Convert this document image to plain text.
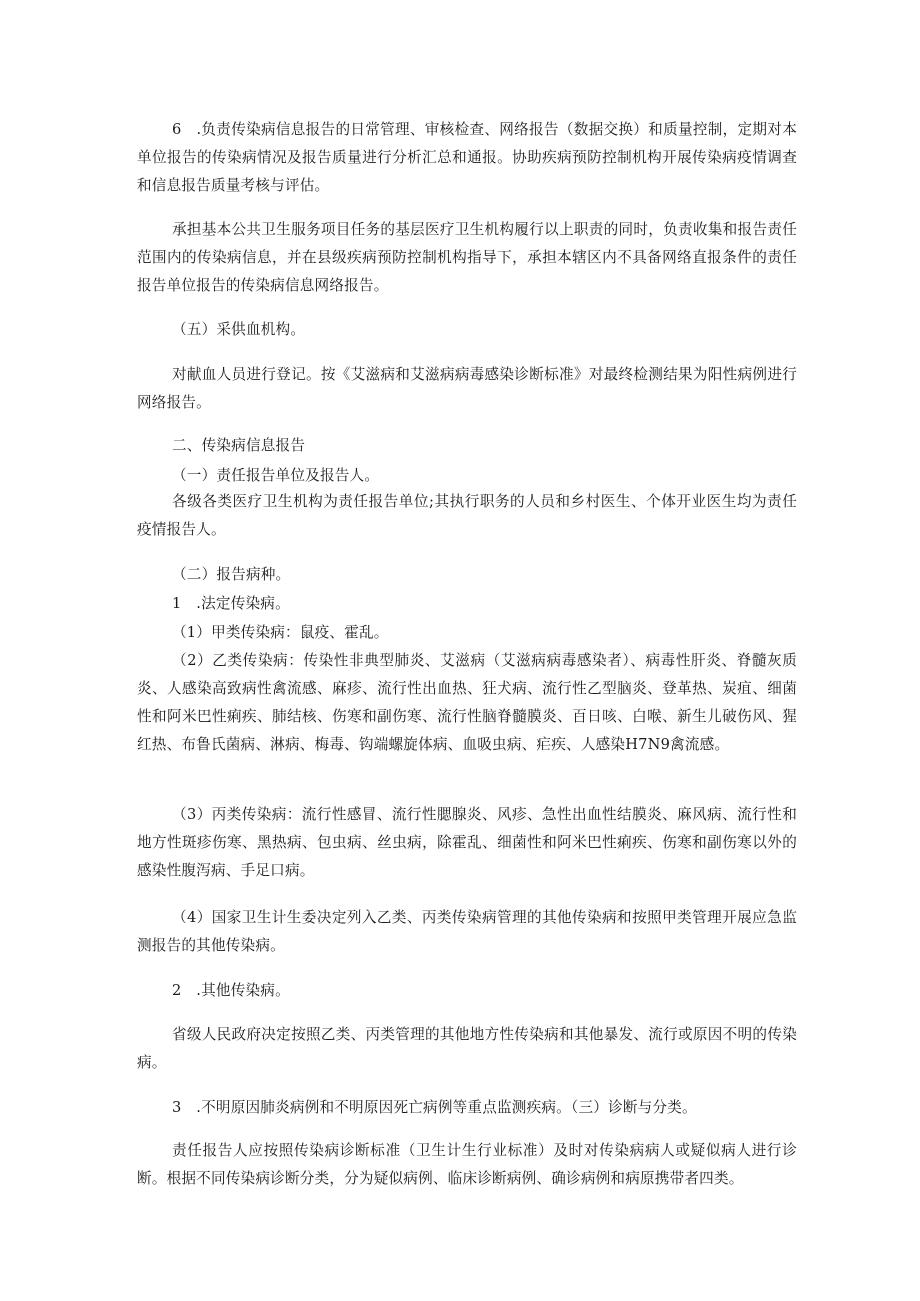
6　.负责传染病信息报告的日常管理、审核检查、网络报告（数据交换）和质量控制，定期对本单位报告的传染病情况及报告质量进行分析汇总和通报。协助疾病预防控制机构开展传染病疫情调查和信息报告质量考核与评估。

承担基本公共卫生服务项目任务的基层医疗卫生机构履行以上职责的同时，负责收集和报告责任范围内的传染病信息，并在县级疾病预防控制机构指导下，承担本辖区内不具备网络直报条件的责任报告单位报告的传染病信息网络报告。

（五）采供血机构。

对献血人员进行登记。按《艾滋病和艾滋病病毒感染诊断标准》对最终检测结果为阳性病例进行网络报告。

二、传染病信息报告

（一）责任报告单位及报告人。

各级各类医疗卫生机构为责任报告单位;其执行职务的人员和乡村医生、个体开业医生均为责任疫情报告人。

（二）报告病种。

1　.法定传染病。

（1）甲类传染病：鼠疫、霍乱。

（2）乙类传染病：传染性非典型肺炎、艾滋病（艾滋病病毒感染者）、病毒性肝炎、脊髓灰质炎、人感染高致病性禽流感、麻疹、流行性出血热、狂犬病、流行性乙型脑炎、登革热、炭疽、细菌性和阿米巴性痢疾、肺结核、伤寒和副伤寒、流行性脑脊髓膜炎、百日咳、白喉、新生儿破伤风、猩红热、布鲁氏菌病、淋病、梅毒、钩端螺旋体病、血吸虫病、疟疾、人感染H7N9禽流感。

（3）丙类传染病：流行性感冒、流行性腮腺炎、风疹、急性出血性结膜炎、麻风病、流行性和地方性斑疹伤寒、黑热病、包虫病、丝虫病，除霍乱、细菌性和阿米巴性痢疾、伤寒和副伤寒以外的感染性腹泻病、手足口病。

（4）国家卫生计生委决定列入乙类、丙类传染病管理的其他传染病和按照甲类管理开展应急监测报告的其他传染病。

2　.其他传染病。

省级人民政府决定按照乙类、丙类管理的其他地方性传染病和其他暴发、流行或原因不明的传染病。

3　.不明原因肺炎病例和不明原因死亡病例等重点监测疾病。（三）诊断与分类。

责任报告人应按照传染病诊断标准（卫生计生行业标准）及时对传染病病人或疑似病人进行诊断。根据不同传染病诊断分类，分为疑似病例、临床诊断病例、确诊病例和病原携带者四类。
